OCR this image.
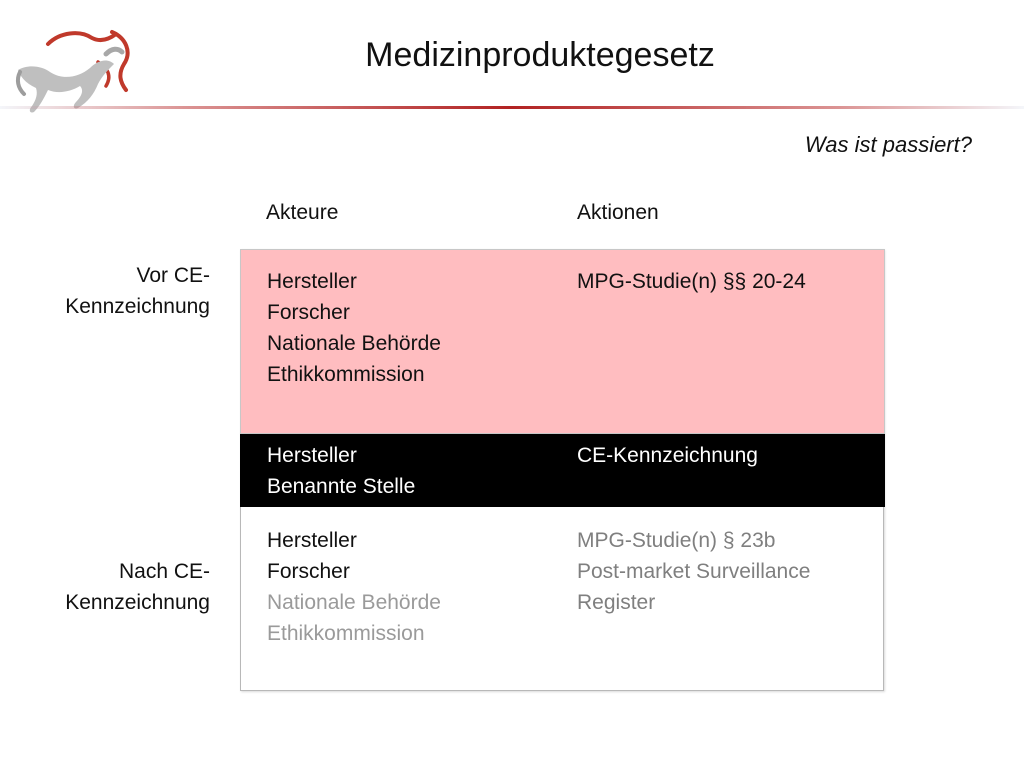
Medizinproduktegesetz
Was ist passiert?
Akteure	Aktionen
Vor CE-
Kennzeichnung
Nach CE-
Kennzeichnung
Hersteller
Forscher
Nationale Behörde
Ethikkommission
MPG-Studie(n) §§ 20-24
Hersteller
Benannte Stelle
CE-Kennzeichnung
Hersteller
Forscher
Nationale Behörde
Ethikkommission
MPG-Studie(n) § 23b
Post-market Surveillance
Register
